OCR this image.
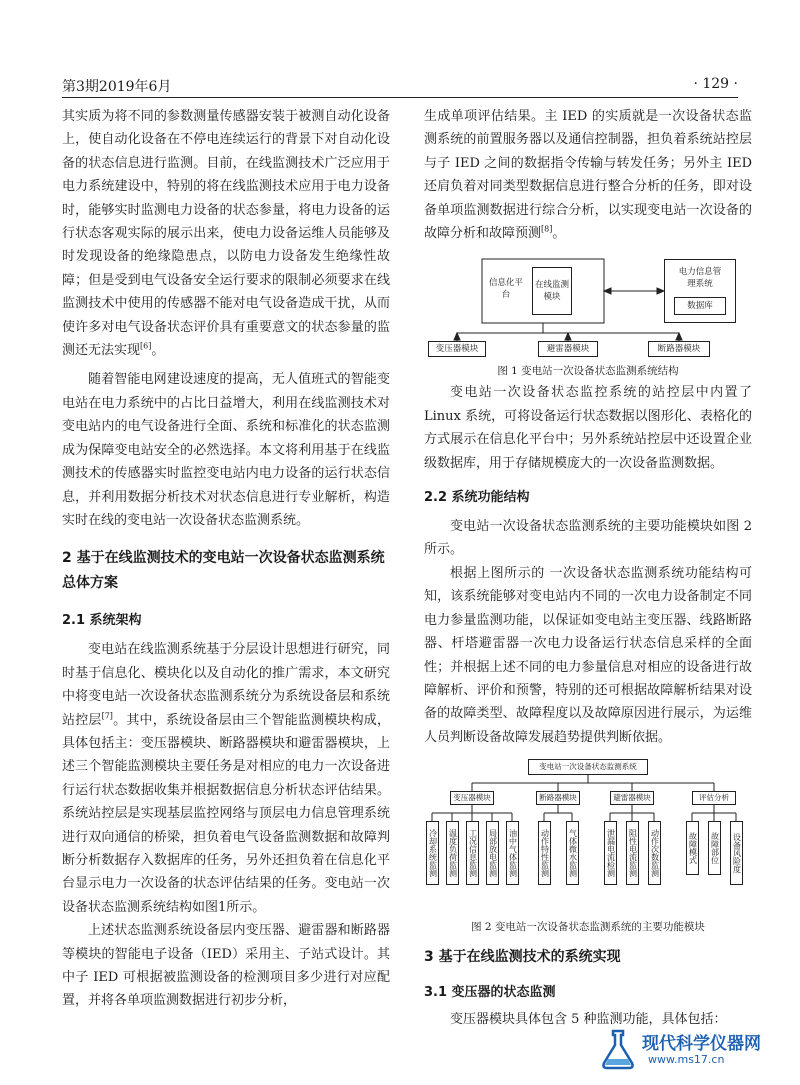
第3期2019年6月	· 129 ·

其实质为将不同的参数测量传感器安装于被测自动化设备上，使自动化设备在不停电连续运行的背景下对自动化设备的状态信息进行监测。目前，在线监测技术广泛应用于电力系统建设中，特别的将在线监测技术应用于电力设备时，能够实时监测电力设备的状态参量，将电力设备的运行状态客观实际的展示出来，使电力设备运维人员能够及时发现设备的绝缘隐患点，以防电力设备发生绝缘性故障；但是受到电气设备安全运行要求的限制必须要求在线监测技术中使用的传感器不能对电气设备造成干扰，从而使许多对电气设备状态评价具有重要意文的状态参量的监测还无法实现[6]。

随着智能电网建设速度的提高，无人值班式的智能变电站在电力系统中的占比日益增大，利用在线监测技术对变电站内的电气设备进行全面、系统和标准化的状态监测成为保障变电站安全的必然选择。本文将利用基于在线监测技术的传感器实时监控变电站内电力设备的运行状态信息，并利用数据分析技术对状态信息进行专业解析，构造实时在线的变电站一次设备状态监测系统。

2 基于在线监测技术的变电站一次设备状态监测系统总体方案

2.1 系统架构

变电站在线监测系统基于分层设计思想进行研究，同时基于信息化、模块化以及自动化的推广需求，本文研究中将变电站一次设备状态监测系统分为系统设备层和系统站控层[7]。其中，系统设备层由三个智能监测模块构成，具体包括主：变压器模块、断路器模块和避雷器模块，上述三个智能监测模块主要任务是对相应的电力一次设备进行运行状态数据收集并根据数据信息分析状态评估结果。系统站控层是实现基层监控网络与顶层电力信息管理系统进行双向通信的桥梁，担负着电气设备监测数据和故障判断分析数据存入数据库的任务，另外还担负着在信息化平台显示电力一次设备的状态评估结果的任务。变电站一次设备状态监测系统结构如图1所示。

上述状态监测系统设备层内变压器、避雷器和断路器等模块的智能电子设备（IED）采用主、子站式设计。其中子 IED 可根据被监测设备的检测项目多少进行对应配置，并将各单项监测数据进行初步分析，

生成单项评估结果。主 IED 的实质就是一次设备状态监测系统的前置服务器以及通信控制器，担负着系统站控层与子 IED 之间的数据指令传输与转发任务；另外主 IED 还肩负着对同类型数据信息进行整合分析的任务，即对设备单项监测数据进行综合分析，以实现变电站一次设备的故障分析和故障预测[8]。

信息化平台
在线监测模块
电力信息管理系统
数据库
变压器模块	避雷器模块	断路器模块

图 1 变电站一次设备状态监测系统结构

变电站一次设备状态监控系统的站控层中内置了 Linux 系统，可将设备运行状态数据以图形化、表格化的方式展示在信息化平台中；另外系统站控层中还设置企业级数据库，用于存储规模庞大的一次设备监测数据。

2.2 系统功能结构

变电站一次设备状态监测系统的主要功能模块如图 2 所示。

根据上图所示的 一次设备状态监测系统功能结构可知，该系统能够对变电站内不同的一次电力设备制定不同电力参量监测功能，以保证如变电站主变压器、线路断路器、杆塔避雷器一次电力设备运行状态信息采样的全面性；并根据上述不同的电力参量信息对相应的设备进行故障解析、评价和预警，特别的还可根据故障解析结果对设备的故障类型、故障程度以及故障原因进行展示，为运维人员判断设备故障发展趋势提供判断依据。

变电站一次设备状态监测系统
变压器模块	断路器模块	避雷器模块	评估分析
冷却系统监测	温度负荷监测	工况信息监测	局部放电监测	油中气体监测	动作特性监测	气体微水监测	泄漏电流检测	阻性电流监测	动作次数监测	故障模式	故障部位	设备风险度

图 2 变电站一次设备状态监测系统的主要功能模块

3 基于在线监测技术的系统实现

3.1 变压器的状态监测

变压器模块具体包含 5 种监测功能，具体包括：

现代科学仪器网
www.ms17.cn
